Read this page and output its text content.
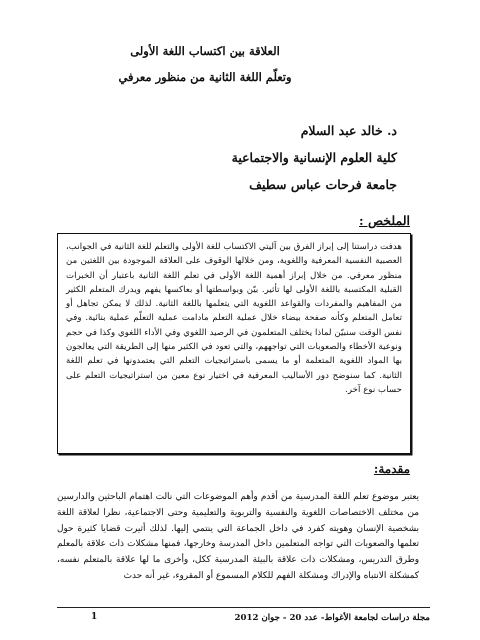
العلاقة بين اكتساب اللغة الأولى
وتعلّم اللغة الثانية من منظور معرفي
د. خالد عبد السلام
كلية العلوم الإنسانية والاجتماعية
جامعة فرحات عباس سطيف
الملخص :
هدفت دراستنا إلى إبراز الفرق بين آليتي الاكتساب للغة الأولى والتعلم للغة الثانية في الجوانب، العصبية النفسية المعرفية واللغوية، ومن خلالها الوقوف على العلاقة الموجودة بين اللغتين من منظور معرفي. من خلال إبراز أهمية اللغة الأولى في تعلم اللغة الثانية باعتبار أن الخبرات القبلية المكتسبة باللغة الأولى لها تأثير. بيّن وبواسطتها أو بعاكسها يفهم ويدرك المتعلم الكثير من المفاهيم والمفردات والقواعد اللغوية التي يتعلمها باللغة الثانية. لذلك لا يمكن تجاهل أو تعامل المتعلم وكأنه صفحة بيضاء خلال عملية التعلم مادامت عملية التعلّم عملية بنائية. وفي نفس الوقت سنبيّن لماذا يختلف المتعلمون في الرصيد اللغوي وفي الأداء اللغوي وكذا في حجم ونوعية الأخطاء والصعوبات التي تواجههم، والتي تعود في الكثير منها إلى الطريقة التي يعالجون بها المواد اللغوية المتعلمة أو ما يسمى باستراتيجيات التعلم التي يعتمدونها في تعلم اللغة الثانية. كما سنوضح دور الأساليب المعرفية في اختيار نوع معين من استراتيجيات التعلم على حساب نوع آخر.
مقدمة:
يعتبر موضوع تعلم اللغة المدرسية من أقدم وأهم الموضوعات التي نالت اهتمام الباحثين والدارسين من مختلف الاختصاصات اللغوية والنفسية والتربوية والتعليمية وحتى الاجتماعية، نظرا لعلاقة اللغة بشخصية الإنسان وهويته كفرد في داخل الجماعة التي ينتمي إليها. لذلك أثيرت قضايا كثيرة حول تعلمها والصعوبات التي تواجه المتعلمين داخل المدرسة وخارجها، فمنها مشكلات ذات علاقة بالمعلم وطرق التدريس، ومشكلات ذات علاقة بالبيئة المدرسية ككل، وأخرى ما لها علاقة بالمتعلم نفسه، كمشكلة الانتباه والإدراك ومشكلة الفهم للكلام المسموع أو المقروء، غير أنه حدث
مجلة دراسات لجامعة الأغواط- عدد 20 - جوان 2012
1
